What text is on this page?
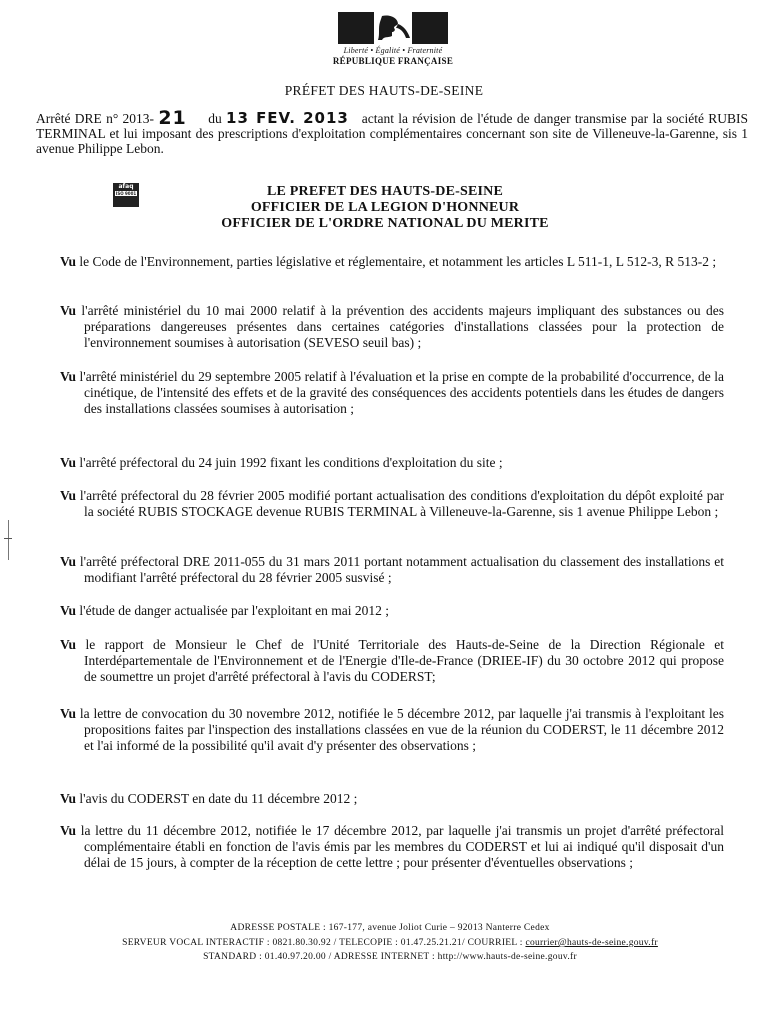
Liberté • Égalité • Fraternité
RÉPUBLIQUE FRANÇAISE
PRÉFET DES HAUTS-DE-SEINE

Arrêté DRE n° 2013- 21 du 13 FEV. 2013 actant la révision de l'étude de danger transmise par la société RUBIS TERMINAL et lui imposant des prescriptions d'exploitation complémentaires concernant son site de Villeneuve-la-Garenne, sis 1 avenue Philippe Lebon.

afaq
ISO 9001	LE PREFET DES HAUTS-DE-SEINE
OFFICIER DE LA LEGION D'HONNEUR
OFFICIER DE L'ORDRE NATIONAL DU MERITE
Vu le Code de l'Environnement, parties législative et réglementaire, et notamment les articles L 511-1, L 512-3, R 513-2 ;
Vu l'arrêté ministériel du 10 mai 2000 relatif à la prévention des accidents majeurs impliquant des substances ou des préparations dangereuses présentes dans certaines catégories d'installations classées pour la protection de l'environnement soumises à autorisation (SEVESO seuil bas) ;
Vu l'arrêté ministériel du 29 septembre 2005 relatif à l'évaluation et la prise en compte de la probabilité d'occurrence, de la cinétique, de l'intensité des effets et de la gravité des conséquences des accidents potentiels dans les études de dangers des installations classées soumises à autorisation ;
Vu l'arrêté préfectoral du 24 juin 1992 fixant les conditions d'exploitation du site ;
Vu l'arrêté préfectoral du 28 février 2005 modifié portant actualisation des conditions d'exploitation du dépôt exploité par la société RUBIS STOCKAGE devenue RUBIS TERMINAL à Villeneuve-la-Garenne, sis 1 avenue Philippe Lebon ;
Vu l'arrêté préfectoral DRE 2011-055 du 31 mars 2011 portant notamment actualisation du classement des installations et modifiant l'arrêté préfectoral du 28 février 2005 susvisé ;
Vu l'étude de danger actualisée par l'exploitant en mai 2012 ;
Vu le rapport de Monsieur le Chef de l'Unité Territoriale des Hauts-de-Seine de la Direction Régionale et Interdépartementale de l'Environnement et de l'Energie d'Ile-de-France (DRIEE-IF) du 30 octobre 2012 qui propose de soumettre un projet d'arrêté préfectoral à l'avis du CODERST;
Vu la lettre de convocation du 30 novembre 2012, notifiée le 5 décembre 2012, par laquelle j'ai transmis à l'exploitant les propositions faites par l'inspection des installations classées en vue de la réunion du CODERST, le 11 décembre 2012 et l'ai informé de la possibilité qu'il avait d'y présenter des observations ;
Vu l'avis du CODERST en date du 11 décembre 2012 ;
Vu la lettre du 11 décembre 2012, notifiée le 17 décembre 2012, par laquelle j'ai transmis un projet d'arrêté préfectoral complémentaire établi en fonction de l'avis émis par les membres du CODERST et lui ai indiqué qu'il disposait d'un délai de 15 jours, à compter de la réception de cette lettre ; pour présenter d'éventuelles observations ;
ADRESSE POSTALE : 167-177, avenue Joliot Curie – 92013 Nanterre Cedex
SERVEUR VOCAL INTERACTIF : 0821.80.30.92 / TELECOPIE : 01.47.25.21.21/ COURRIEL : courrier@hauts-de-seine.gouv.fr
STANDARD : 01.40.97.20.00 / ADRESSE INTERNET : http://www.hauts-de-seine.gouv.fr
